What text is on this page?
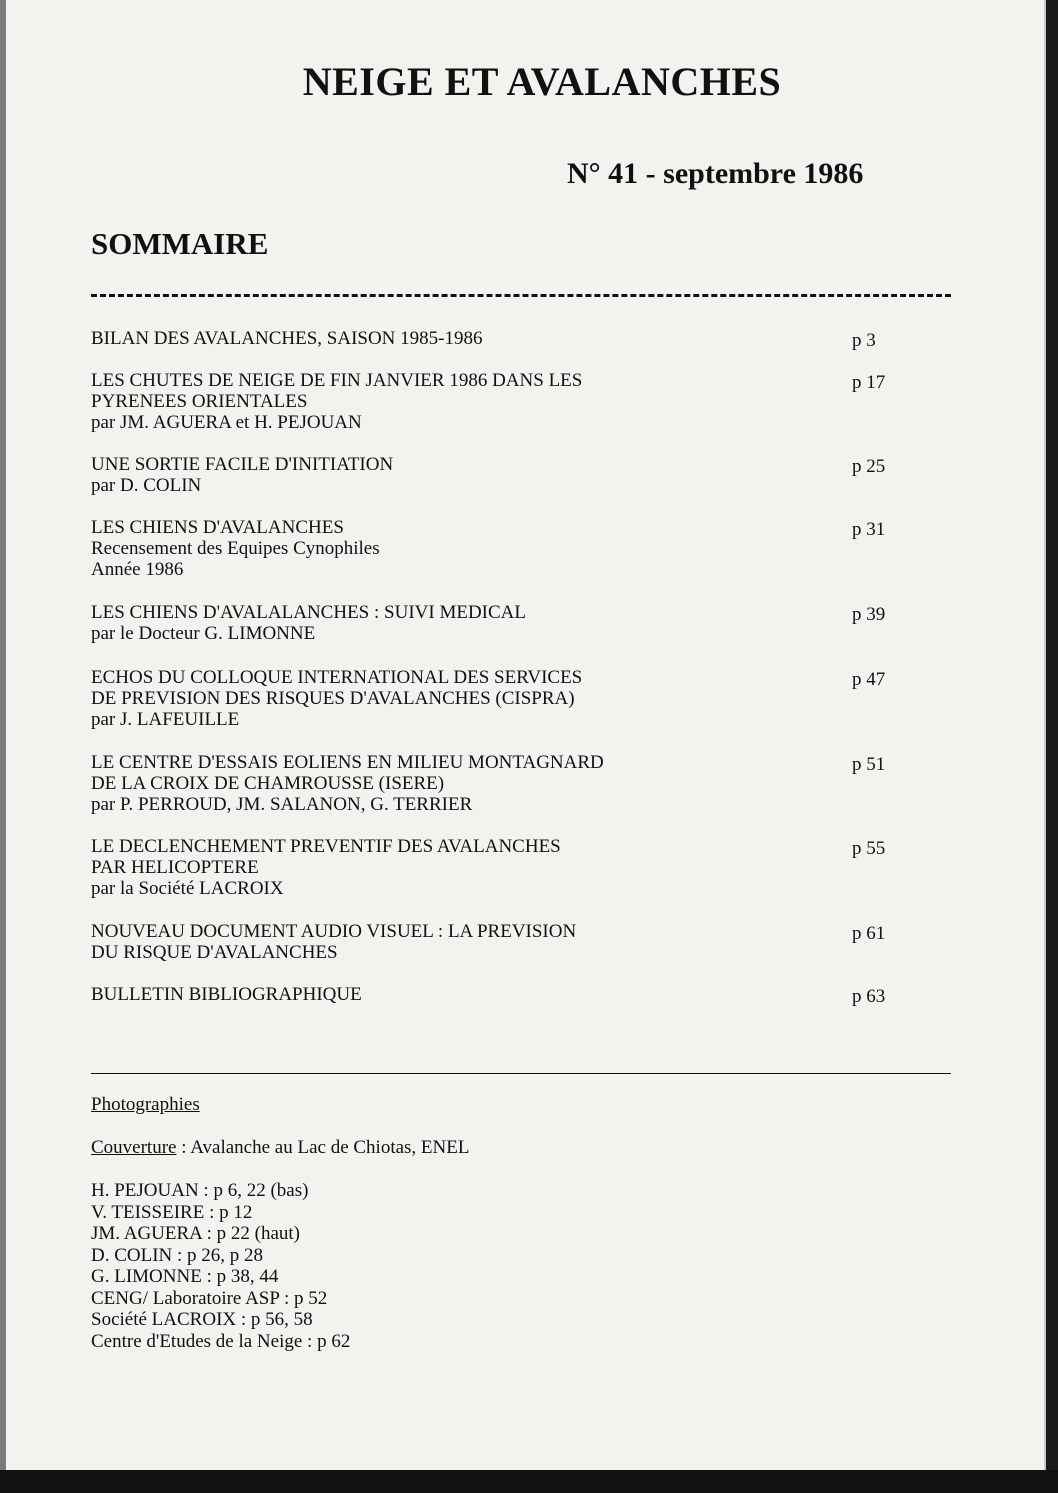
NEIGE ET AVALANCHES
N° 41 - septembre 1986
SOMMAIRE
BILAN DES AVALANCHES, SAISON 1985-1986	p 3
LES CHUTES DE NEIGE DE FIN JANVIER 1986 DANS LES
PYRENEES ORIENTALES
par JM. AGUERA et H. PEJOUAN
p 17
UNE SORTIE FACILE D'INITIATION
par D. COLIN
p 25
LES CHIENS D'AVALANCHES
Recensement des Equipes Cynophiles
Année 1986
p 31
LES CHIENS D'AVALALANCHES : SUIVI MEDICAL
par le Docteur G. LIMONNE
p 39
ECHOS DU COLLOQUE INTERNATIONAL DES SERVICES
DE PREVISION DES RISQUES D'AVALANCHES (CISPRA)
par J. LAFEUILLE
p 47
LE CENTRE D'ESSAIS EOLIENS EN MILIEU MONTAGNARD
DE LA CROIX DE CHAMROUSSE (ISERE)
par P. PERROUD, JM. SALANON, G. TERRIER
p 51
LE DECLENCHEMENT PREVENTIF DES AVALANCHES
PAR HELICOPTERE
par la Société LACROIX
p 55
NOUVEAU DOCUMENT AUDIO VISUEL : LA PREVISION
DU RISQUE D'AVALANCHES
p 61
BULLETIN BIBLIOGRAPHIQUE	p 63
Photographies
Couverture : Avalanche au Lac de Chiotas, ENEL
H. PEJOUAN : p 6, 22 (bas)
V. TEISSEIRE : p 12
JM. AGUERA : p 22 (haut)
D. COLIN : p 26, p 28
G. LIMONNE : p 38, 44
CENG/ Laboratoire ASP : p 52
Société LACROIX : p 56, 58
Centre d'Etudes de la Neige : p 62
